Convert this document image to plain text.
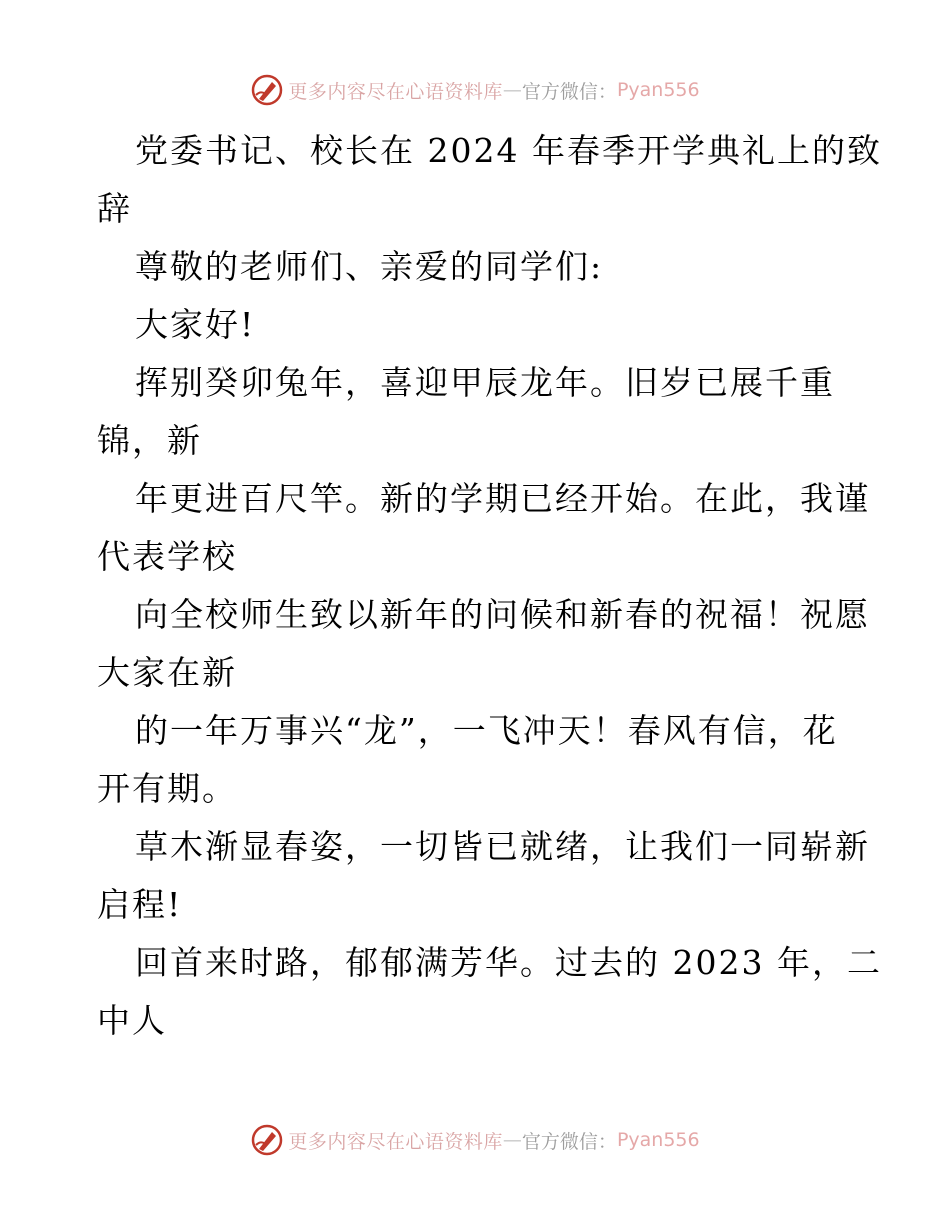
更多内容尽在心语资料库 — 官方微信： Pyan556
党委书记、校长在 2024 年春季开学典礼上的致
辞
尊敬的老师们、亲爱的同学们:
大家好!
挥别癸卯兔年，喜迎甲辰龙年。旧岁已展千重
锦，新
年更进百尺竿。新的学期已经开始。在此，我谨
代表学校
向全校师生致以新年的问候和新春的祝福！祝愿
大家在新
的一年万事兴“龙”，一飞冲天！春风有信，花
开有期。
草木渐显春姿，一切皆已就绪，让我们一同崭新
启程!
回首来时路，郁郁满芳华。过去的 2023 年，二
中人
更多内容尽在心语资料库 — 官方微信： Pyan556
